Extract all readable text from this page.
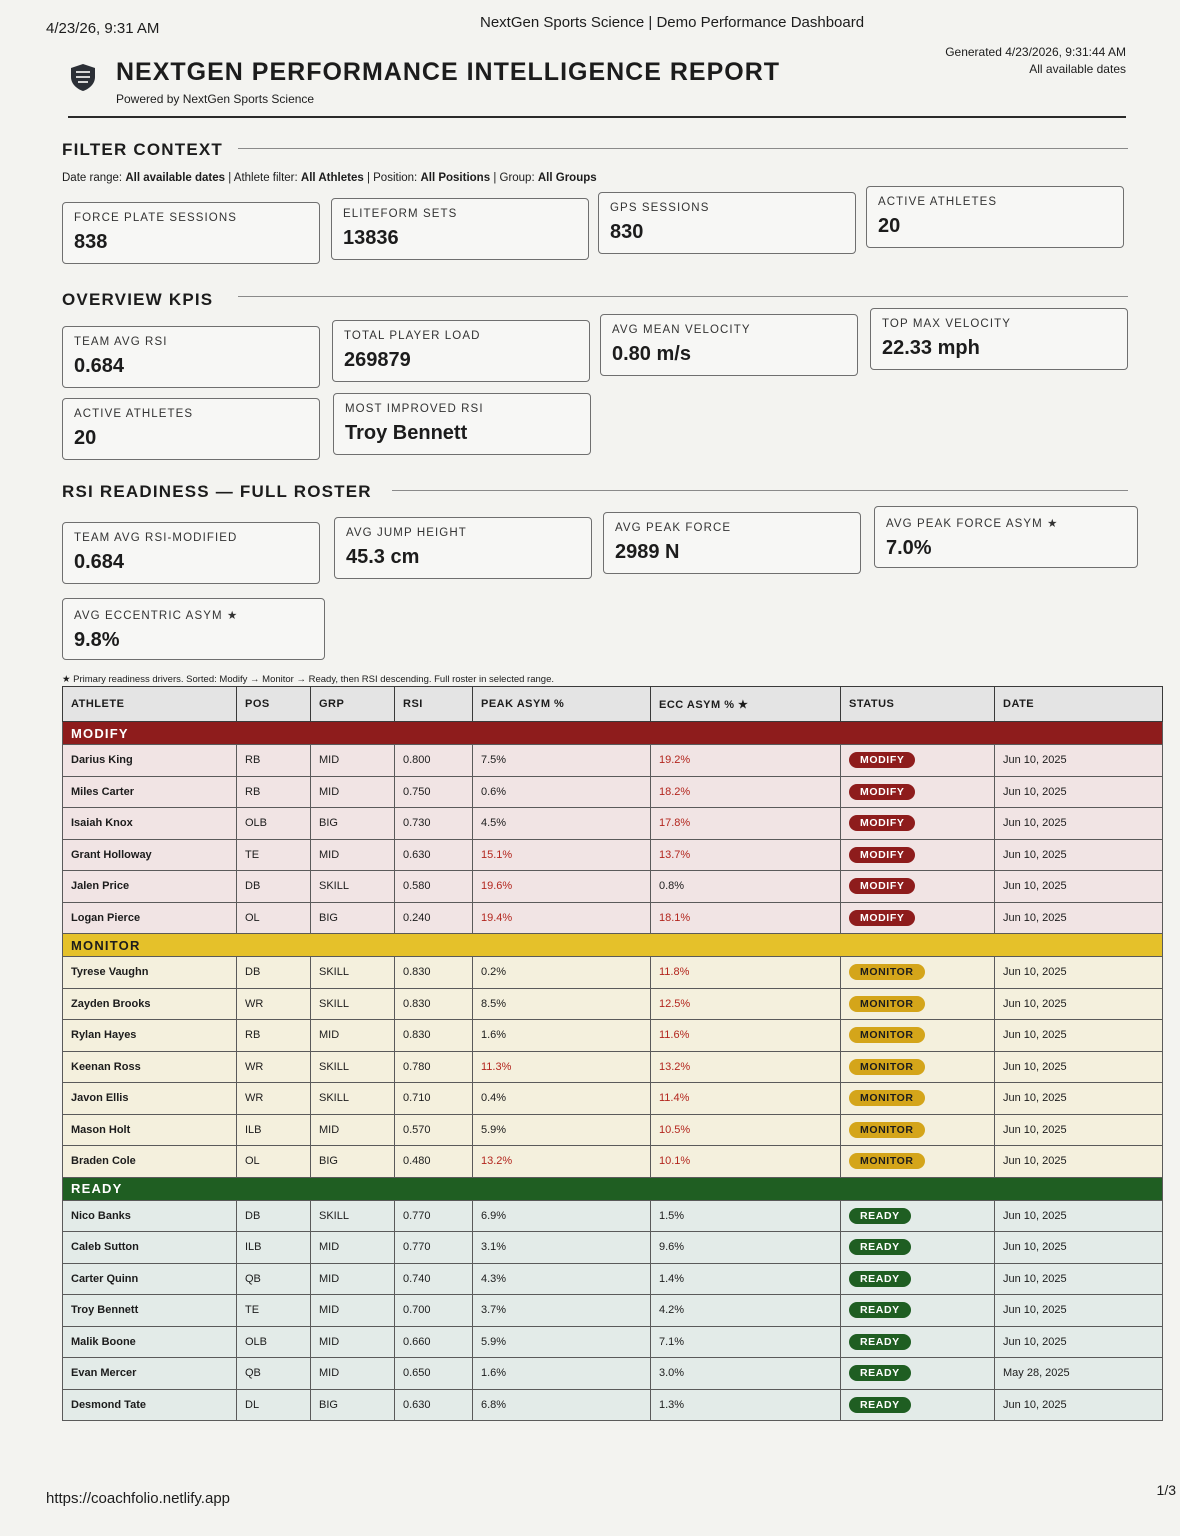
4/23/26, 9:31 AM	NextGen Sports Science | Demo Performance Dashboard
NEXTGEN PERFORMANCE INTELLIGENCE REPORT
Powered by NextGen Sports Science
Generated 4/23/2026, 9:31:44 AM
All available dates
FILTER CONTEXT
Date range: All available dates | Athlete filter: All Athletes | Position: All Positions | Group: All Groups
FORCE PLATE SESSIONS
838
ELITEFORM SETS
13836
GPS SESSIONS
830
ACTIVE ATHLETES
20
OVERVIEW KPIS
TEAM AVG RSI
0.684
TOTAL PLAYER LOAD
269879
AVG MEAN VELOCITY
0.80 m/s
TOP MAX VELOCITY
22.33 mph
ACTIVE ATHLETES
20
MOST IMPROVED RSI
Troy Bennett
RSI READINESS — FULL ROSTER
TEAM AVG RSI-MODIFIED
0.684
AVG JUMP HEIGHT
45.3 cm
AVG PEAK FORCE
2989 N
AVG PEAK FORCE ASYM ★
7.0%
AVG ECCENTRIC ASYM ★
9.8%
★ Primary readiness drivers. Sorted: Modify → Monitor → Ready, then RSI descending. Full roster in selected range.
ATHLETE	POS	GRP	RSI	PEAK ASYM %	ECC ASYM % ★	STATUS	DATE
MODIFY							
Darius King	RB	MID	0.800	7.5%	19.2%	MODIFY	Jun 10, 2025
Miles Carter	RB	MID	0.750	0.6%	18.2%	MODIFY	Jun 10, 2025
Isaiah Knox	OLB	BIG	0.730	4.5%	17.8%	MODIFY	Jun 10, 2025
Grant Holloway	TE	MID	0.630	15.1%	13.7%	MODIFY	Jun 10, 2025
Jalen Price	DB	SKILL	0.580	19.6%	0.8%	MODIFY	Jun 10, 2025
Logan Pierce	OL	BIG	0.240	19.4%	18.1%	MODIFY	Jun 10, 2025
MONITOR							
Tyrese Vaughn	DB	SKILL	0.830	0.2%	11.8%	MONITOR	Jun 10, 2025
Zayden Brooks	WR	SKILL	0.830	8.5%	12.5%	MONITOR	Jun 10, 2025
Rylan Hayes	RB	MID	0.830	1.6%	11.6%	MONITOR	Jun 10, 2025
Keenan Ross	WR	SKILL	0.780	11.3%	13.2%	MONITOR	Jun 10, 2025
Javon Ellis	WR	SKILL	0.710	0.4%	11.4%	MONITOR	Jun 10, 2025
Mason Holt	ILB	MID	0.570	5.9%	10.5%	MONITOR	Jun 10, 2025
Braden Cole	OL	BIG	0.480	13.2%	10.1%	MONITOR	Jun 10, 2025
READY							
Nico Banks	DB	SKILL	0.770	6.9%	1.5%	READY	Jun 10, 2025
Caleb Sutton	ILB	MID	0.770	3.1%	9.6%	READY	Jun 10, 2025
Carter Quinn	QB	MID	0.740	4.3%	1.4%	READY	Jun 10, 2025
Troy Bennett	TE	MID	0.700	3.7%	4.2%	READY	Jun 10, 2025
Malik Boone	OLB	MID	0.660	5.9%	7.1%	READY	Jun 10, 2025
Evan Mercer	QB	MID	0.650	1.6%	3.0%	READY	May 28, 2025
Desmond Tate	DL	BIG	0.630	6.8%	1.3%	READY	Jun 10, 2025
https://coachfolio.netlify.app	1/3
